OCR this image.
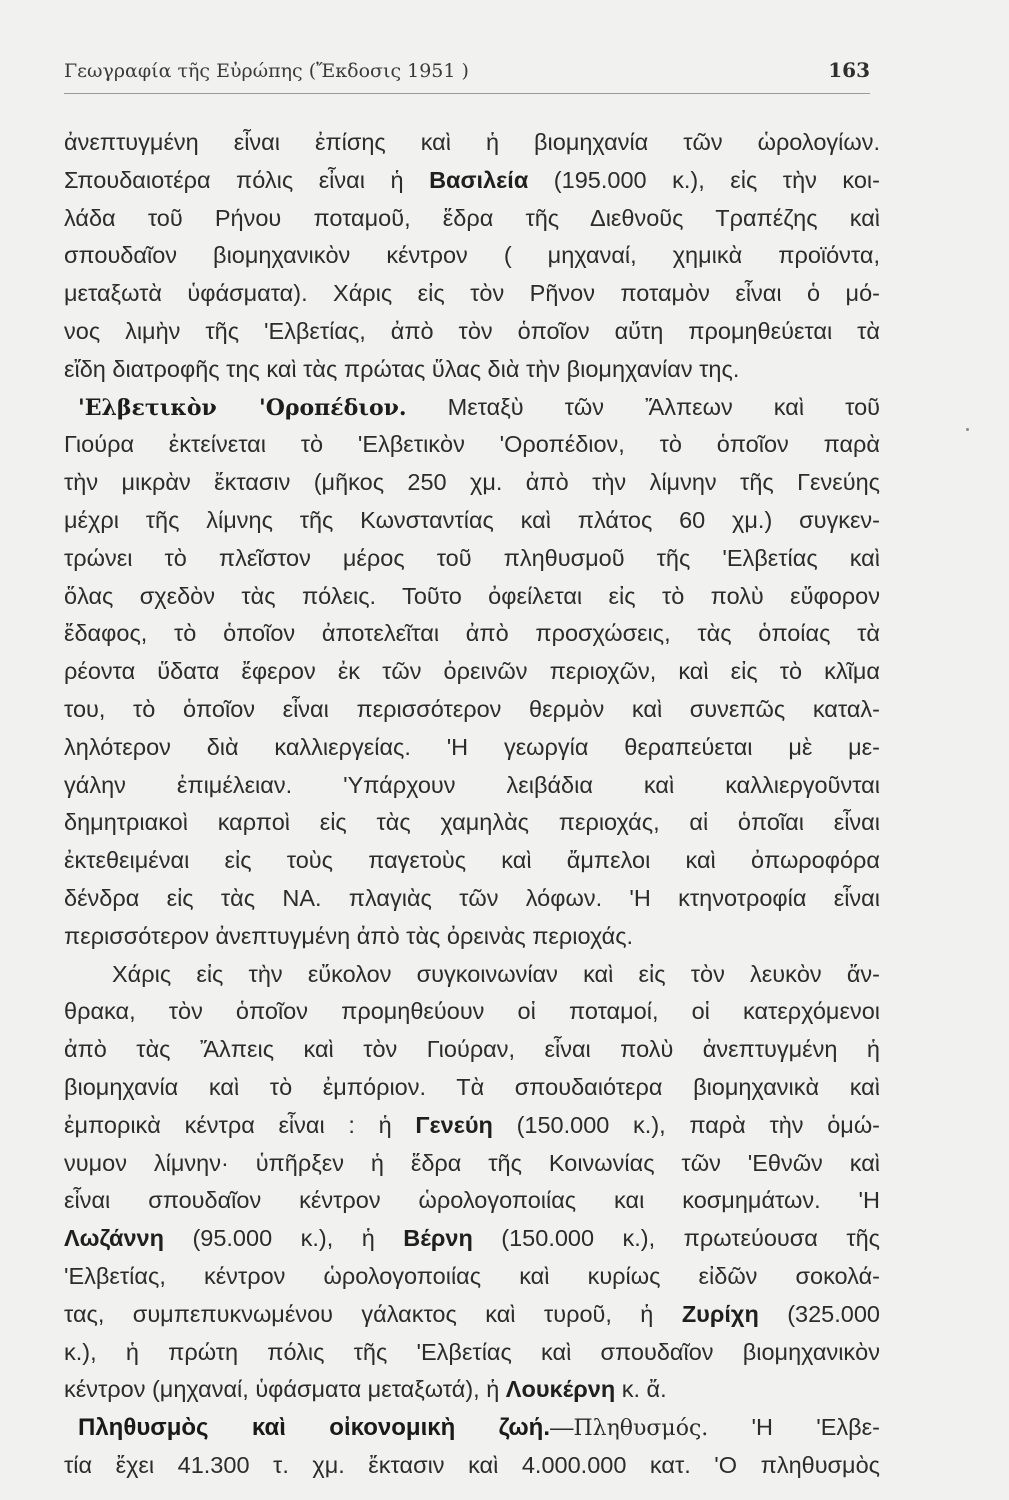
Γεωγραφία τῆς Εὐρώπης (Ἔκδοσις 1951 )	163
ἀνεπτυγμένη εἶναι ἐπίσης καὶ ἡ βιομηχανία τῶν ὡρολογίων.
Σπουδαιοτέρα πόλις εἶναι ἡ Βασιλεία (195.000 κ.), εἰς τὴν κοι-
λάδα τοῦ Ρήνου ποταμοῦ, ἕδρα τῆς Διεθνοῦς Τραπέζης καὶ
σπουδαῖον βιομηχανικὸν κέντρον ( μηχαναί, χημικὰ προϊόντα,
μεταξωτὰ ὑφάσματα). Χάρις εἰς τὸν Ρῆνον ποταμὸν εἶναι ὁ μό-
νος λιμὴν τῆς 'Ελβετίας, ἀπὸ τὸν ὁποῖον αὔτη προμηθεύεται τὰ
εἴδη διατροφῆς της καὶ τὰς πρώτας ὕλας διὰ τὴν βιομηχανίαν της.
'Ελβετικὸν 'Οροπέδιον. Μεταξὺ τῶν Ἄλπεων καὶ τοῦ
Γιούρα ἐκτείνεται τὸ 'Ελβετικὸν 'Οροπέδιον, τὸ ὁποῖον παρὰ
τὴν μικρὰν ἔκτασιν (μῆκος 250 χμ. ἀπὸ τὴν λίμνην τῆς Γενεύης
μέχρι τῆς λίμνης τῆς Κωνσταντίας καὶ πλάτος 60 χμ.) συγκεν-
τρώνει τὸ πλεῖστον μέρος τοῦ πληθυσμοῦ τῆς 'Ελβετίας καὶ
ὅλας σχεδὸν τὰς πόλεις. Τοῦτο ὀφείλεται εἰς τὸ πολὺ εὔφορον
ἔδαφος, τὸ ὁποῖον ἀποτελεῖται ἀπὸ προσχώσεις, τὰς ὁποίας τὰ
ρέοντα ὕδατα ἔφερον ἐκ τῶν ὀρεινῶν περιοχῶν, καὶ εἰς τὸ κλῖμα
του, τὸ ὁποῖον εἶναι περισσότερον θερμὸν καὶ συνεπῶς καταλ-
ληλότερον διὰ καλλιεργείας. 'Η γεωργία θεραπεύεται μὲ με-
γάλην ἐπιμέλειαν. 'Υπάρχουν λειβάδια καὶ καλλιεργοῦνται
δημητριακοὶ καρποὶ εἰς τὰς χαμηλὰς περιοχάς, αἱ ὁποῖαι εἶναι
ἐκτεθειμέναι εἰς τοὺς παγετοὺς καὶ ἄμπελοι καὶ ὀπωροφόρα
δένδρα εἰς τὰς ΝΑ. πλαγιὰς τῶν λόφων. 'Η κτηνοτροφία εἶναι
περισσότερον ἀνεπτυγμένη ἀπὸ τὰς ὀρεινὰς περιοχάς.
Χάρις εἰς τὴν εὔκολον συγκοινωνίαν καὶ εἰς τὸν λευκὸν ἄν-
θρακα, τὸν ὁποῖον προμηθεύουν οἱ ποταμοί, οἱ κατερχόμενοι
ἀπὸ τὰς Ἄλπεις καὶ τὸν Γιούραν, εἶναι πολὺ ἀνεπτυγμένη ἡ
βιομηχανία καὶ τὸ ἐμπόριον. Τὰ σπουδαιότερα βιομηχανικὰ καὶ
ἐμπορικὰ κέντρα εἶναι : ἡ Γενεύη (150.000 κ.), παρὰ τὴν ὁμώ-
νυμον λίμνην· ὑπῆρξεν ἡ ἕδρα τῆς Κοινωνίας τῶν 'Εθνῶν καὶ
εἶναι σπουδαῖον κέντρον ὡρολογοποιίας και κοσμημάτων. 'Η
Λωζάννη (95.000 κ.), ἡ Βέρνη (150.000 κ.), πρωτεύουσα τῆς
'Ελβετίας, κέντρον ὡρολογοποιίας καὶ κυρίως εἰδῶν σοκολά-
τας, συμπεπυκνωμένου γάλακτος καὶ τυροῦ, ἡ Ζυρίχη (325.000
κ.), ἡ πρώτη πόλις τῆς 'Ελβετίας καὶ σπουδαῖον βιομηχανικὸν
κέντρον (μηχαναί, ὑφάσματα μεταξωτά), ἡ Λουκέρνη κ. ἄ.
Πληθυσμὸς καὶ οἰκονομικὴ ζωή.—Πληθυσμός. 'Η 'Ελβε-
τία ἔχει 41.300 τ. χμ. ἔκτασιν καὶ 4.000.000 κατ. 'Ο πληθυσμὸς
